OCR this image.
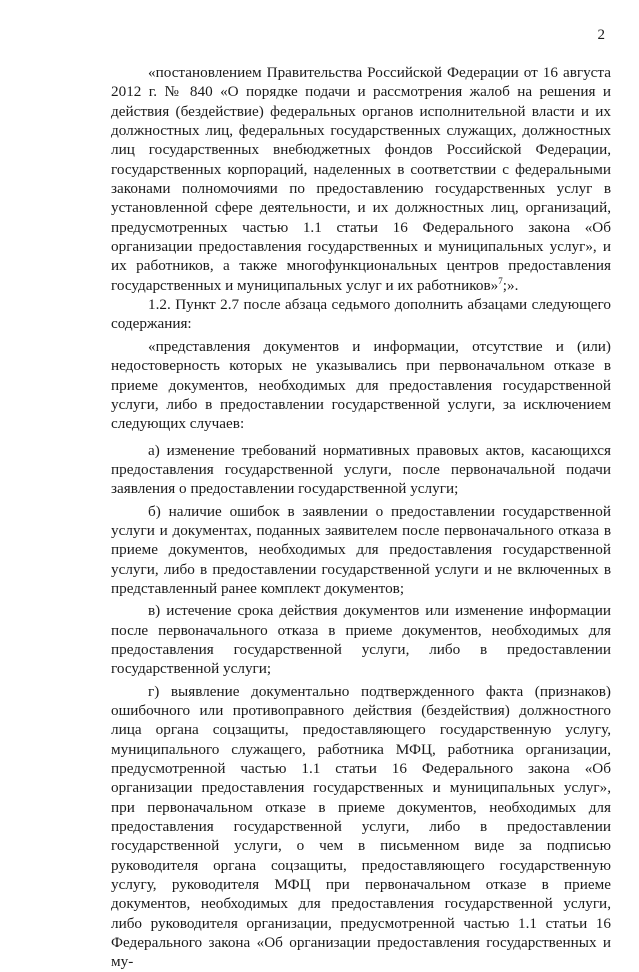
2

«постановлением Правительства Российской Федерации от 16 августа 2012 г. № 840 «О порядке подачи и рассмотрения жалоб на решения и действия (бездействие) федеральных органов исполнительной власти и их должностных лиц, федеральных государственных служащих, должностных лиц государственных внебюджетных фондов Российской Федерации, государственных корпораций, наделенных в соответствии с федеральными законами полномочиями по предоставлению государственных услуг в установленной сфере деятельности, и их должностных лиц, организаций, предусмотренных частью 1.1 статьи 16 Федерального закона «Об организации предоставления государственных и муниципальных услуг», и их работников, а также многофункциональных центров предоставления государственных и муниципальных услуг и их работников»$^7$;».

1.2. Пункт 2.7 после абзаца седьмого дополнить абзацами следующего содержания:

«представления документов и информации, отсутствие и (или) недостоверность которых не указывались при первоначальном отказе в приеме документов, необходимых для предоставления государственной услуги, либо в предоставлении государственной услуги, за исключением следующих случаев:

а) изменение требований нормативных правовых актов, касающихся предоставления государственной услуги, после первоначальной подачи заявления о предоставлении государственной услуги;

б) наличие ошибок в заявлении о предоставлении государственной услуги и документах, поданных заявителем после первоначального отказа в приеме документов, необходимых для предоставления государственной услуги, либо в предоставлении государственной услуги и не включенных в представленный ранее комплект документов;

в) истечение срока действия документов или изменение информации после первоначального отказа в приеме документов, необходимых для предоставления государственной услуги, либо в предоставлении государственной услуги;

г) выявление документально подтвержденного факта (признаков) ошибочного или противоправного действия (бездействия) должностного лица органа соцзащиты, предоставляющего государственную услугу, муниципального служащего, работника МФЦ, работника организации, предусмотренной частью 1.1 статьи 16 Федерального закона «Об организации предоставления государственных и муниципальных услуг», при первоначальном отказе в приеме документов, необходимых для предоставления государственной услуги, либо в предоставлении государственной услуги, о чем в письменном виде за подписью руководителя органа соцзащиты, предоставляющего государственную услугу, руководителя МФЦ при первоначальном отказе в приеме документов, необходимых для предоставления государственной услуги, либо руководителя организации, предусмотренной частью 1.1 статьи 16 Федерального закона «Об организации предоставления государственных и му-
